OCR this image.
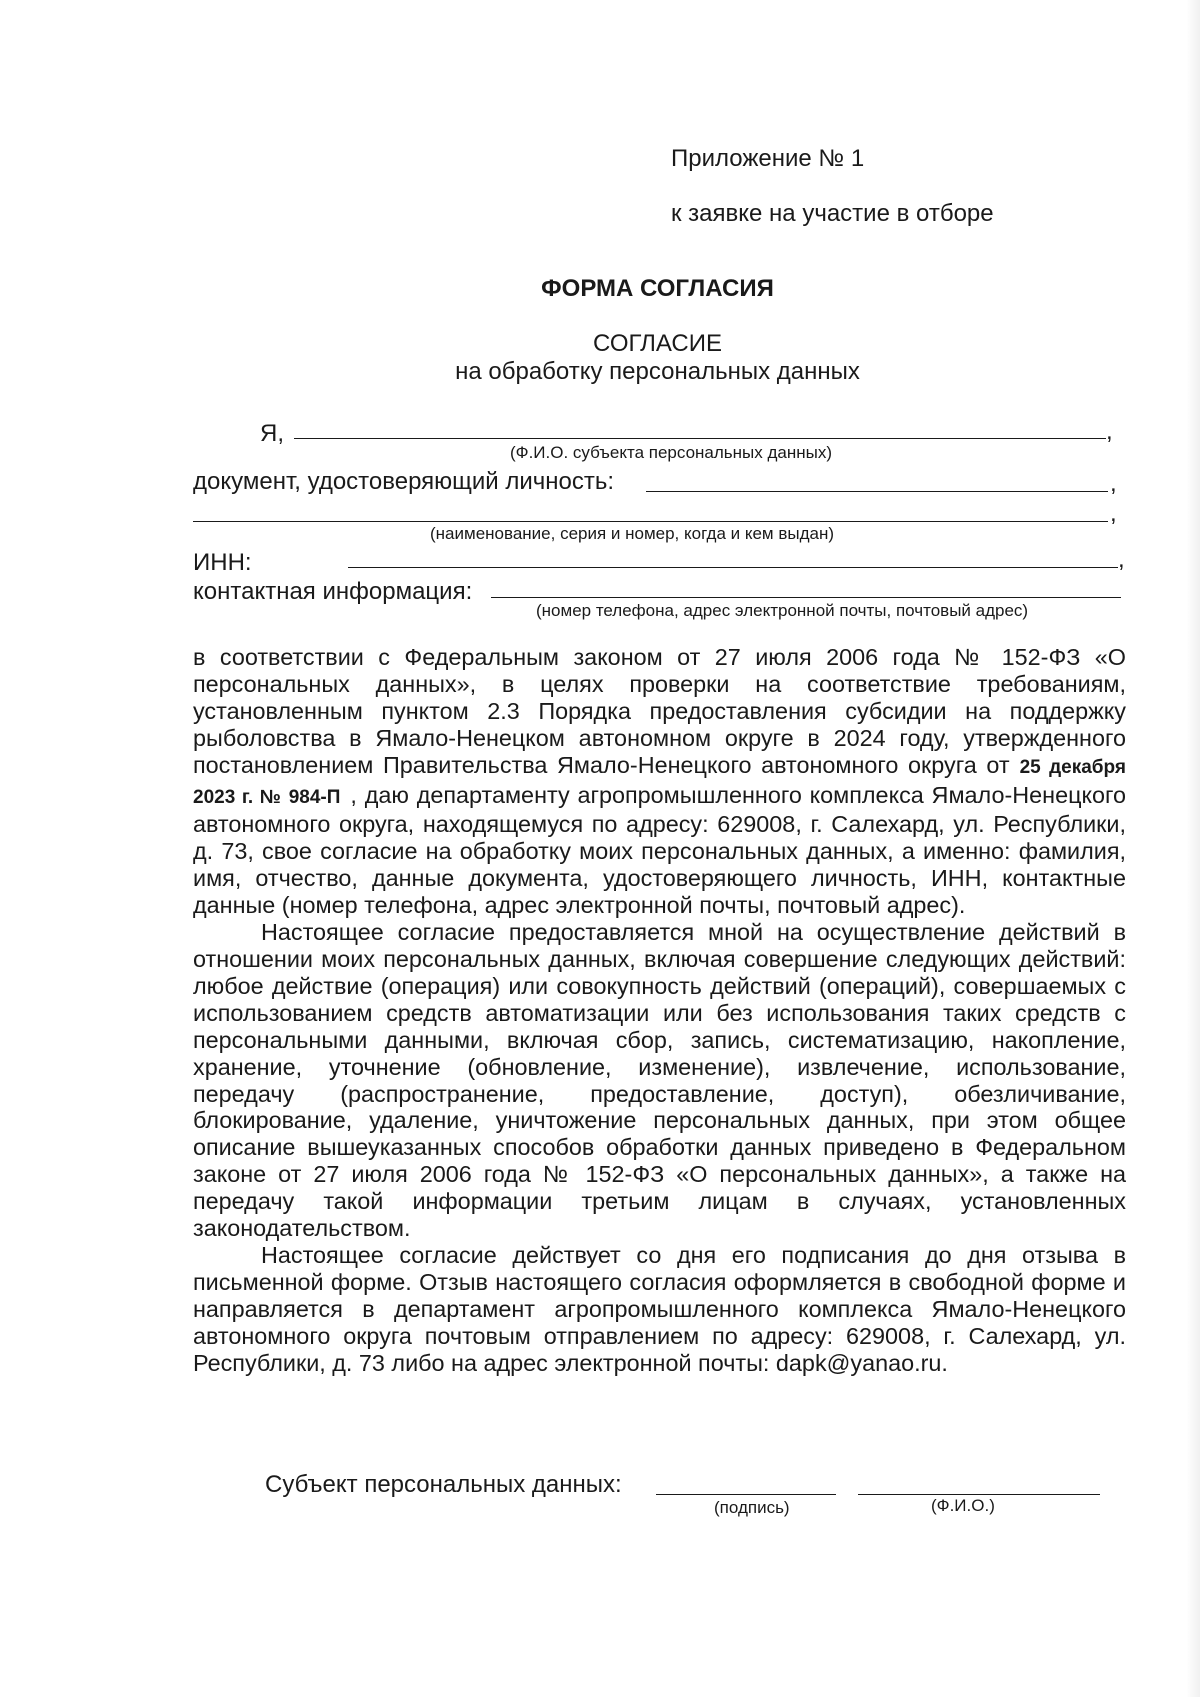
Приложение № 1
к заявке на участие в отборе
ФОРМА СОГЛАСИЯ
СОГЛАСИЕ
на обработку персональных данных
Я,	,
(Ф.И.О. субъекта персональных данных)
документ, удостоверяющий личность:	,
,
(наименование, серия и номер, когда и кем выдан)
ИНН:	,
контактная информация:
(номер телефона, адрес электронной почты, почтовый адрес)

в соответствии с Федеральным законом от 27 июля 2006 года № 152-ФЗ «О персональных данных», в целях проверки на соответствие требованиям, установленным пунктом 2.3 Порядка предоставления субсидии на поддержку рыболовства в Ямало-Ненецком автономном округе в 2024 году, утвержденного постановлением Правительства Ямало-Ненецкого автономного округа от 25 декабря 2023 г. № 984-П , даю департаменту агропромышленного комплекса Ямало-Ненецкого автономного округа, находящемуся по адресу: 629008, г. Салехард, ул. Республики, д. 73, свое согласие на обработку моих персональных данных, а именно: фамилия, имя, отчество, данные документа, удостоверяющего личность, ИНН, контактные данные (номер телефона, адрес электронной почты, почтовый адрес).

Настоящее согласие предоставляется мной на осуществление действий в отношении моих персональных данных, включая совершение следующих действий: любое действие (операция) или совокупность действий (операций), совершаемых с использованием средств автоматизации или без использования таких средств с персональными данными, включая сбор, запись, систематизацию, накопление, хранение, уточнение (обновление, изменение), извлечение, использование, передачу (распространение, предоставление, доступ), обезличивание, блокирование, удаление, уничтожение персональных данных, при этом общее описание вышеуказанных способов обработки данных приведено в Федеральном законе от 27 июля 2006 года № 152-ФЗ «О персональных данных», а также на передачу такой информации третьим лицам в случаях, установленных законодательством.

Настоящее согласие действует со дня его подписания до дня отзыва в письменной форме. Отзыв настоящего согласия оформляется в свободной форме и направляется в департамент агропромышленного комплекса Ямало-Ненецкого автономного округа почтовым отправлением по адресу: 629008, г. Салехард, ул. Республики, д. 73 либо на адрес электронной почты: dapk@yanao.ru.

Субъект персональных данных:
(подпись)	(Ф.И.О.)
